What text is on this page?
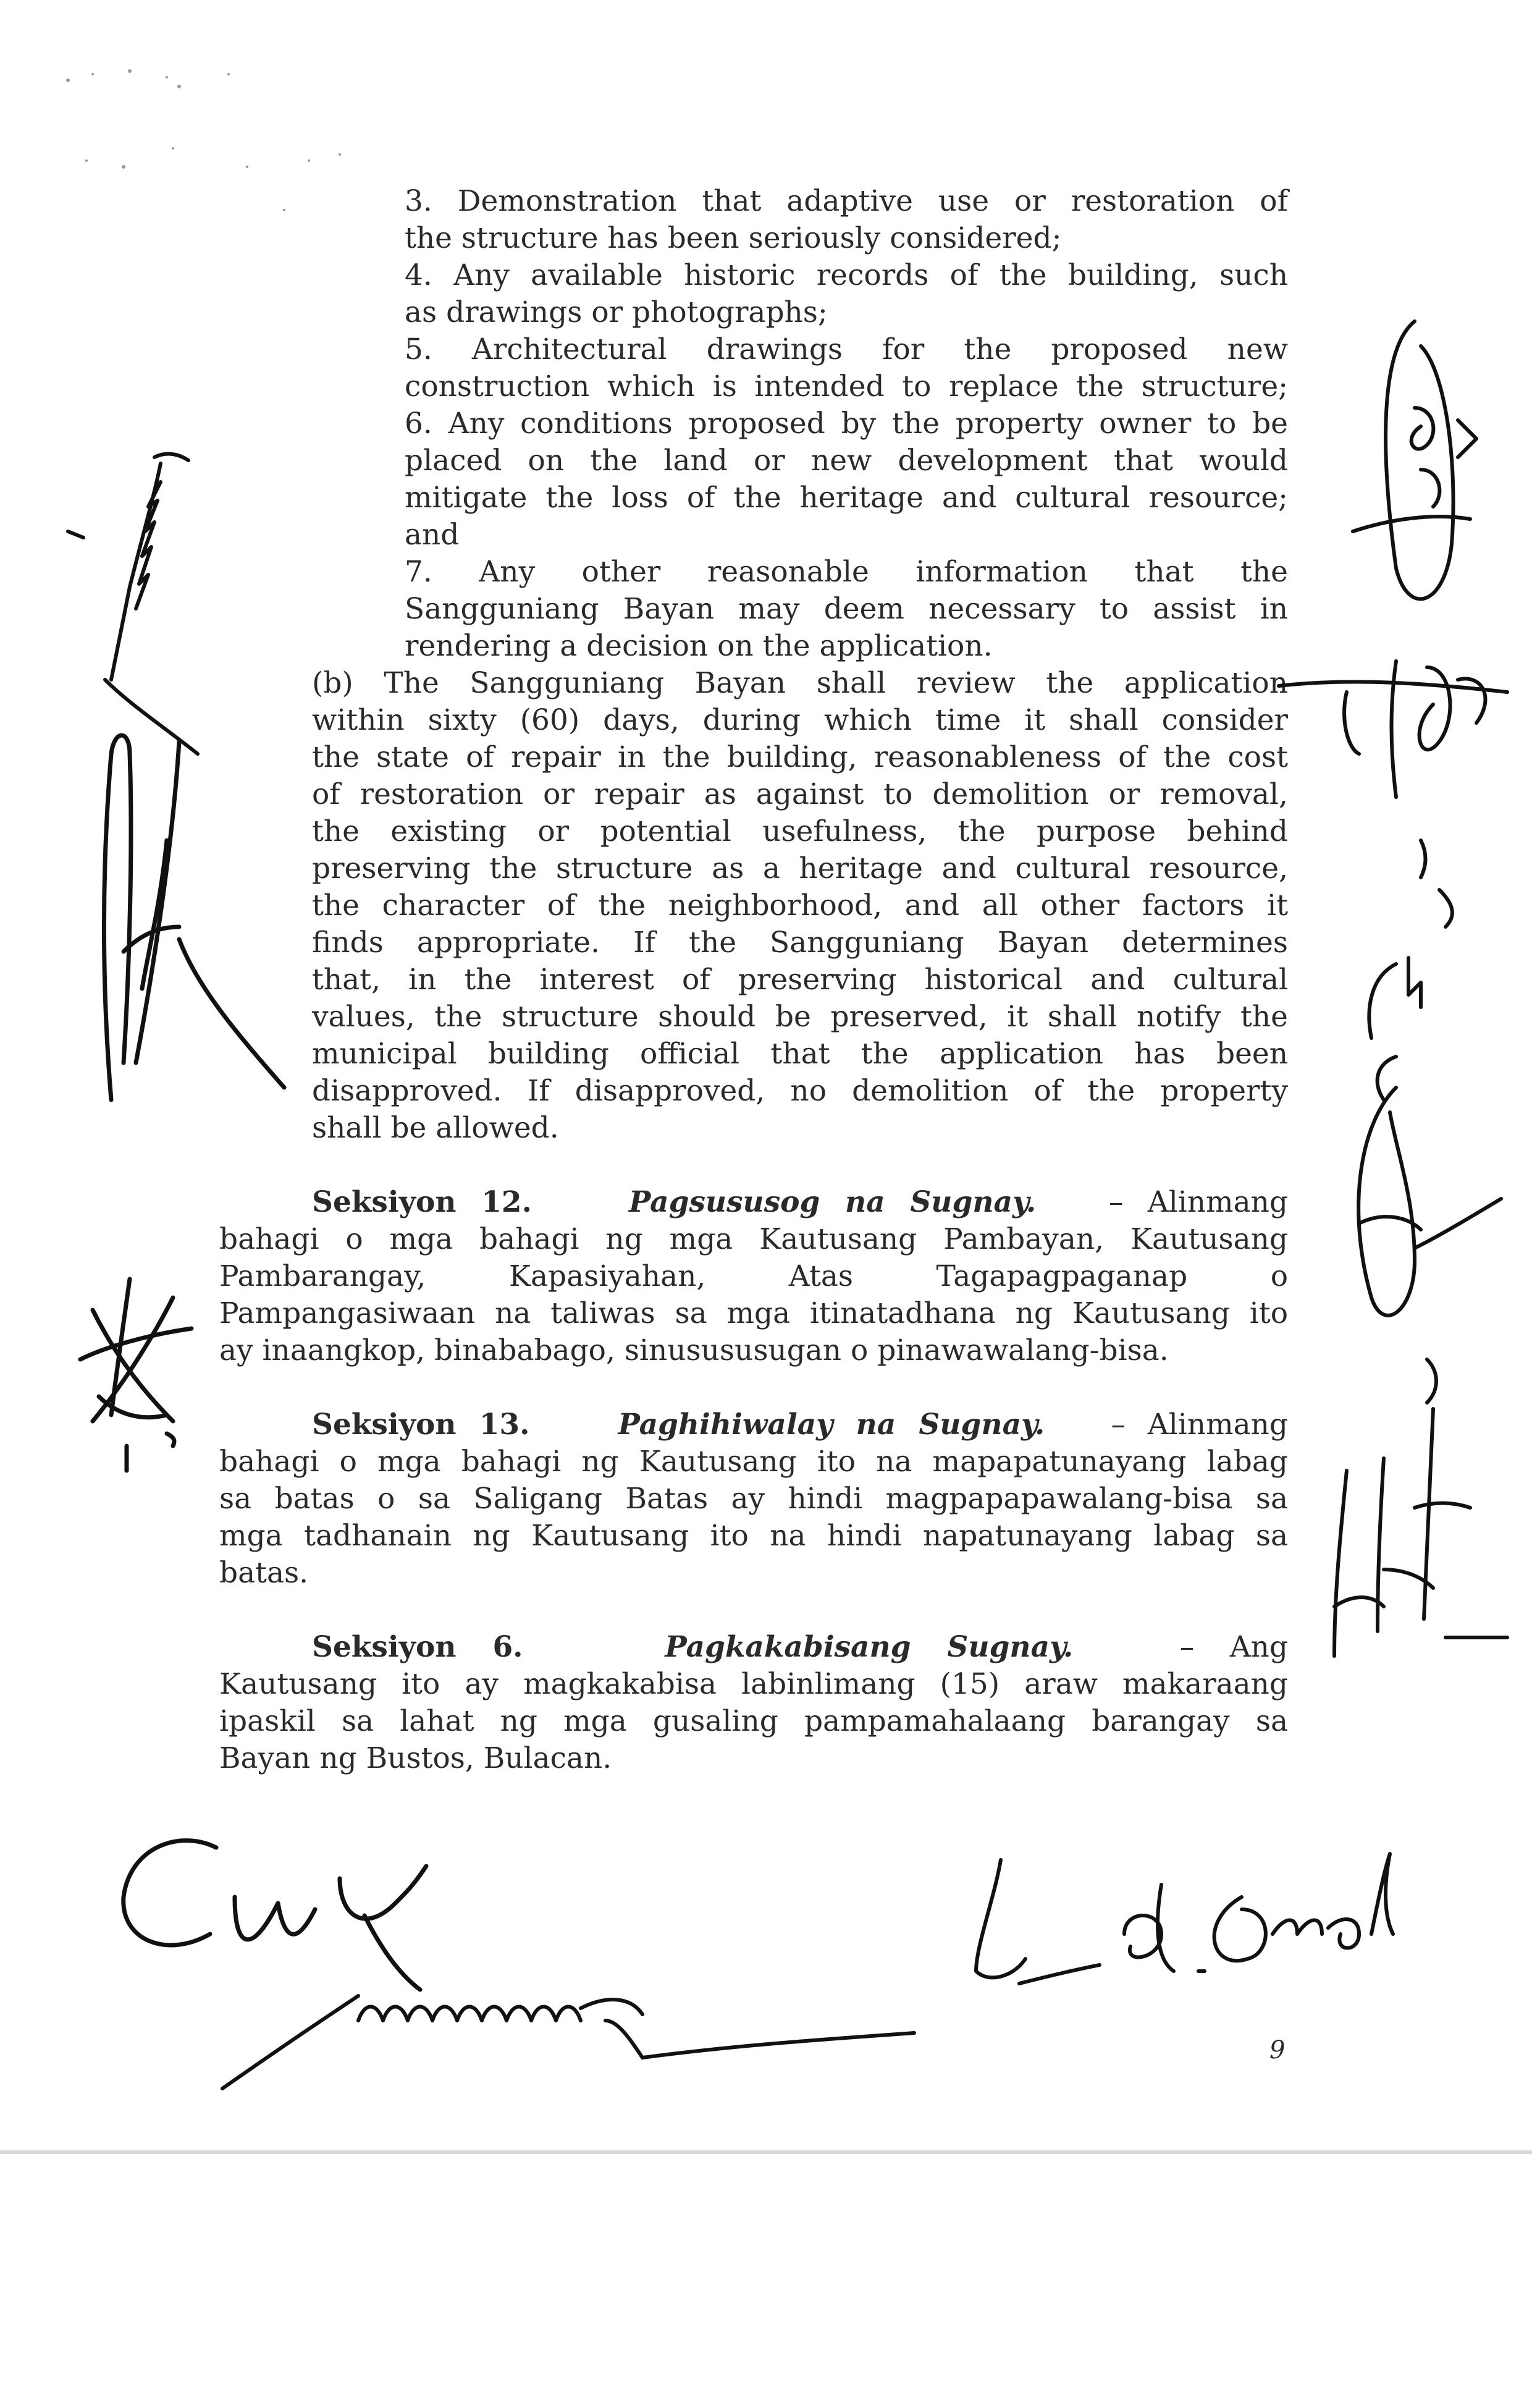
3. Demonstration that adaptive use or restoration of
the structure has been seriously considered;
4. Any available historic records of the building, such
as drawings or photographs;
5. Architectural drawings for the proposed new
construction which is intended to replace the structure;
6. Any conditions proposed by the property owner to be
placed on the land or new development that would
mitigate the loss of the heritage and cultural resource;
and
7. Any other reasonable information that the
Sangguniang Bayan may deem necessary to assist in
rendering a decision on the application.
(b) The Sangguniang Bayan shall review the application
within sixty (60) days, during which time it shall consider
the state of repair in the building, reasonableness of the cost
of restoration or repair as against to demolition or removal,
the existing or potential usefulness, the purpose behind
preserving the structure as a heritage and cultural resource,
the character of the neighborhood, and all other factors it
finds appropriate. If the Sangguniang Bayan determines
that, in the interest of preserving historical and cultural
values, the structure should be preserved, it shall notify the
municipal building official that the application has been
disapproved. If disapproved, no demolition of the property
shall be allowed.
Seksiyon 12.	Pagsususog na Sugnay.	– Alinmang
bahagi o mga bahagi ng mga Kautusang Pambayan, Kautusang
Pambarangay, Kapasiyahan, Atas Tagapagpaganap o
Pampangasiwaan na taliwas sa mga itinatadhana ng Kautusang ito
ay inaangkop, binababago, sinusususugan o pinawawalang-bisa.
Seksiyon 13.	Paghihiwalay na Sugnay. – Alinmang
bahagi o mga bahagi ng Kautusang ito na mapapatunayang labag
sa batas o sa Saligang Batas ay hindi magpapapawalang-bisa sa
mga tadhanain ng Kautusang ito na hindi napatunayang labag sa
batas.
Seksiyon 6.	Pagkakabisang Sugnay.	– Ang
Kautusang ito ay magkakabisa labinlimang (15) araw makaraang
ipaskil sa lahat ng mga gusaling pampamahalaang barangay sa
Bayan ng Bustos, Bulacan.
9
